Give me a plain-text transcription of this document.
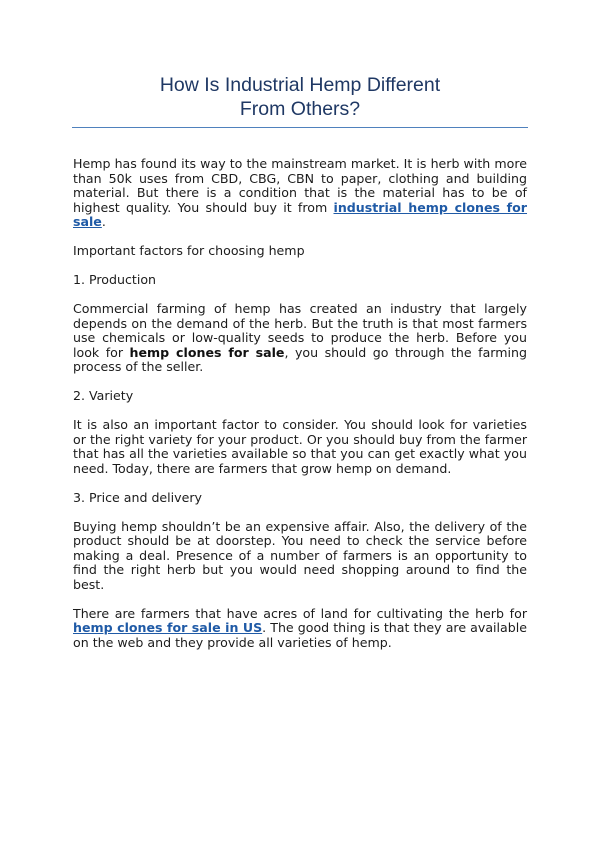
How Is Industrial Hemp Different
From Others?

Hemp has found its way to the mainstream market. It is herb with more than 50k uses from CBD, CBG, CBN to paper, clothing and building material. But there is a condition that is the material has to be of highest quality. You should buy it from industrial hemp clones for sale.

Important factors for choosing hemp

1. Production

Commercial farming of hemp has created an industry that largely depends on the demand of the herb. But the truth is that most farmers use chemicals or low-quality seeds to produce the herb. Before you look for hemp clones for sale, you should go through the farming process of the seller.

2. Variety

It is also an important factor to consider. You should look for varieties or the right variety for your product. Or you should buy from the farmer that has all the varieties available so that you can get exactly what you need. Today, there are farmers that grow hemp on demand.

3. Price and delivery

Buying hemp shouldn’t be an expensive affair. Also, the delivery of the product should be at doorstep. You need to check the service before making a deal. Presence of a number of farmers is an opportunity to find the right herb but you would need shopping around to find the best.

There are farmers that have acres of land for cultivating the herb for hemp clones for sale in US. The good thing is that they are available on the web and they provide all varieties of hemp.
